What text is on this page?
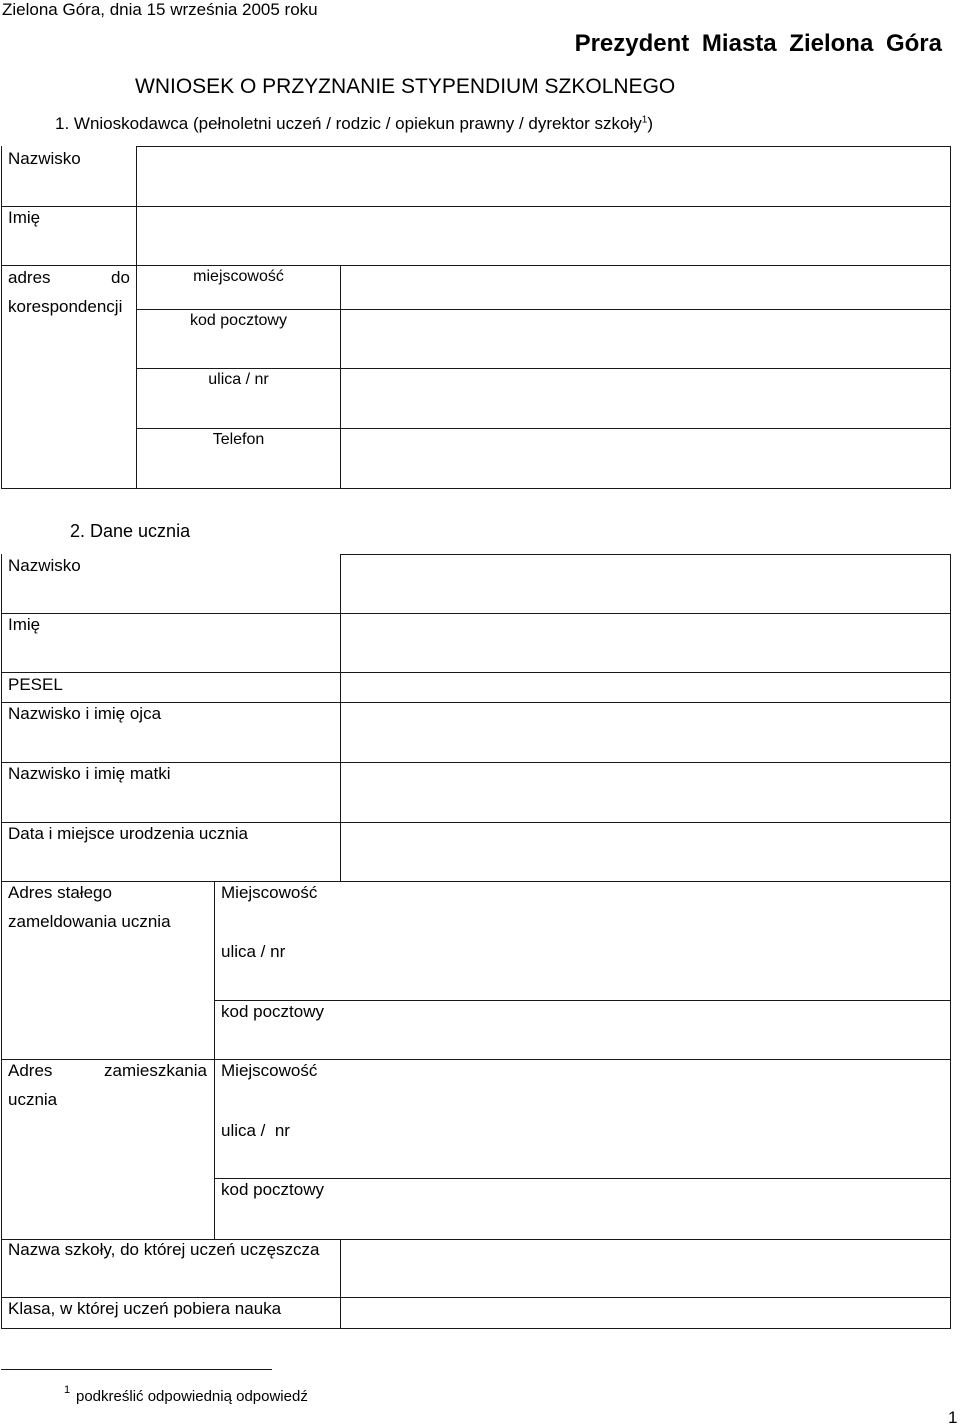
Zielona Góra, dnia 15 września 2005 roku
Prezydent Miasta Zielona Góra
WNIOSEK O PRZYZNANIE STYPENDIUM SZKOLNEGO
1. Wnioskodawca (pełnoletni uczeń / rodzic / opiekun prawny / dyrektor szkoły$^1$)
Nazwisko
Imię
adres	do
korespondencji
miejscowość
kod pocztowy
ulica / nr
Telefon
2. Dane ucznia
Nazwisko
Imię
PESEL
Nazwisko i imię ojca
Nazwisko i imię matki
Data i miejsce urodzenia ucznia
Adres stałego
zameldowania ucznia
Miejscowość
ulica / nr
kod pocztowy
Adres	zamieszkania
ucznia
Miejscowość
ulica /  nr
kod pocztowy
Nazwa szkoły, do której uczeń uczęszcza
Klasa, w której uczeń pobiera nauka
1 podkreślić odpowiednią odpowiedź
1
